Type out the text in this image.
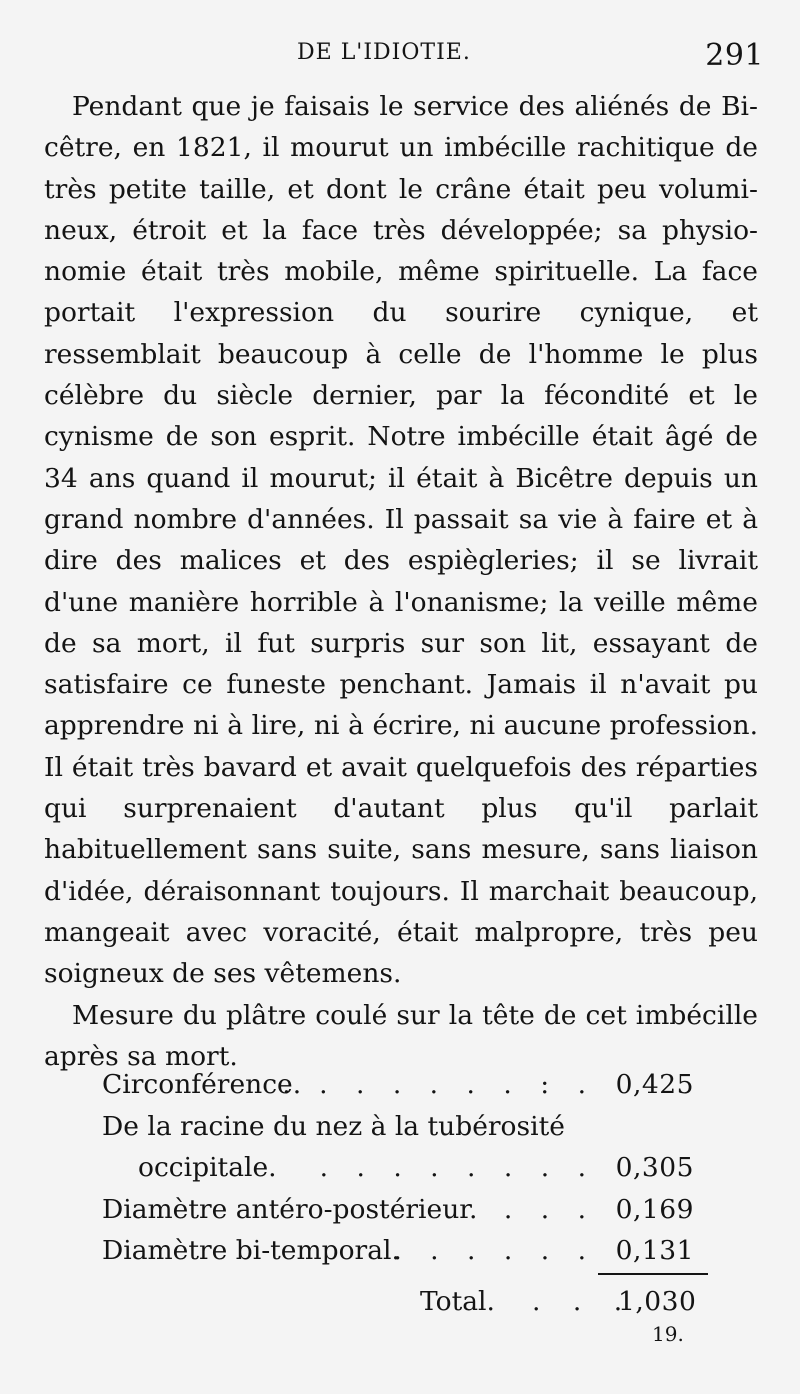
DE L'IDIOTIE.	291

Pendant que je faisais le service des aliénés de Bicêtre, en 1821, il mourut un imbécille rachitique de très petite taille, et dont le crâne était peu volumineux, étroit et la face très développée; sa physionomie était très mobile, même spirituelle. La face portait l'expression du sourire cynique, et ressemblait beaucoup à celle de l'homme le plus célèbre du siècle dernier, par la fécondité et le cynisme de son esprit. Notre imbécille était âgé de 34 ans quand il mourut; il était à Bicêtre depuis un grand nombre d'années. Il passait sa vie à faire et à dire des malices et des espiègleries; il se livrait d'une manière horrible à l'onanisme; la veille même de sa mort, il fut surpris sur son lit, essayant de satisfaire ce funeste penchant. Jamais il n'avait pu apprendre ni à lire, ni à écrire, ni aucune profession. Il était très bavard et avait quelquefois des réparties qui surprenaient d'autant plus qu'il parlait habituellement sans suite, sans mesure, sans liaison d'idée, déraisonnant toujours. Il marchait beaucoup, mangeait avec voracité, était malpropre, très peu soigneux de ses vêtemens.

Mesure du plâtre coulé sur la tête de cet imbécille après sa mort.

Circonférence.
. . . . . . . : . 0,425
De la racine du nez à la tubérosité
occipitale. . . . . . . . . 0,305
Diamètre antéro-postérieur. . . . 0,169
Diamètre bi-temporal.
. . . . . . 0,131
Total. . . .
1,030
19.
